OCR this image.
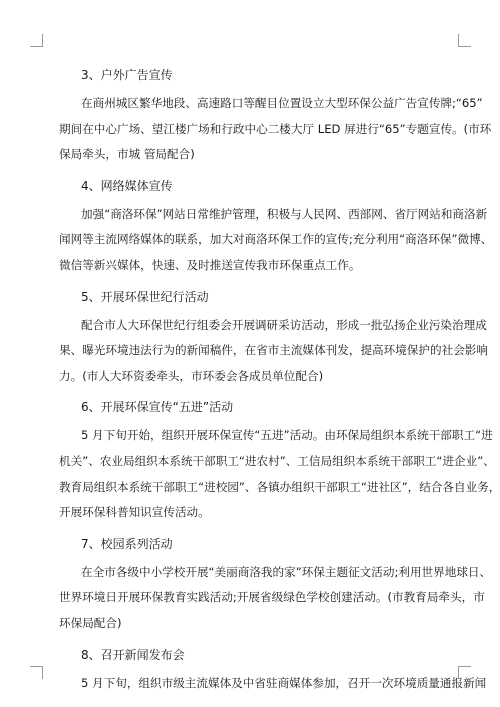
3、户外广告宣传
在商州城区繁华地段、高速路口等醒目位置设立大型环保公益广告宣传牌;“65”
期间在中心广场、望江楼广场和行政中心二楼大厅 LED 屏进行“65”专题宣传。(市环
保局牵头，市城 管局配合)
4、网络媒体宣传
加强“商洛环保”网站日常维护管理，积极与人民网、西部网、省厅网站和商洛新
闻网等主流网络媒体的联系，加大对商洛环保工作的宣传;充分利用“商洛环保”微博、
微信等新兴媒体，快速、及时推送宣传我市环保重点工作。
5、开展环保世纪行活动
配合市人大环保世纪行组委会开展调研采访活动，形成一批弘扬企业污染治理成
果、曝光环境违法行为的新闻稿件，在省市主流媒体刊发，提高环境保护的社会影响
力。(市人大环资委牵头，市环委会各成员单位配合)
6、开展环保宣传“五进”活动
5 月下旬开始，组织开展环保宣传“五进”活动。由环保局组织本系统干部职工“进
机关”、农业局组织本系统干部职工“进农村”、工信局组织本系统干部职工“进企业”、
教育局组织本系统干部职工“进校园”、各镇办组织干部职工“进社区”，结合各自业务，
开展环保科普知识宣传活动。
7、校园系列活动
在全市各级中小学校开展“美丽商洛我的家”环保主题征文活动;利用世界地球日、
世界环境日开展环保教育实践活动;开展省级绿色学校创建活动。(市教育局牵头，市
环保局配合)
8、召开新闻发布会
5 月下旬，组织市级主流媒体及中省驻商媒体参加，召开一次环境质量通报新闻
